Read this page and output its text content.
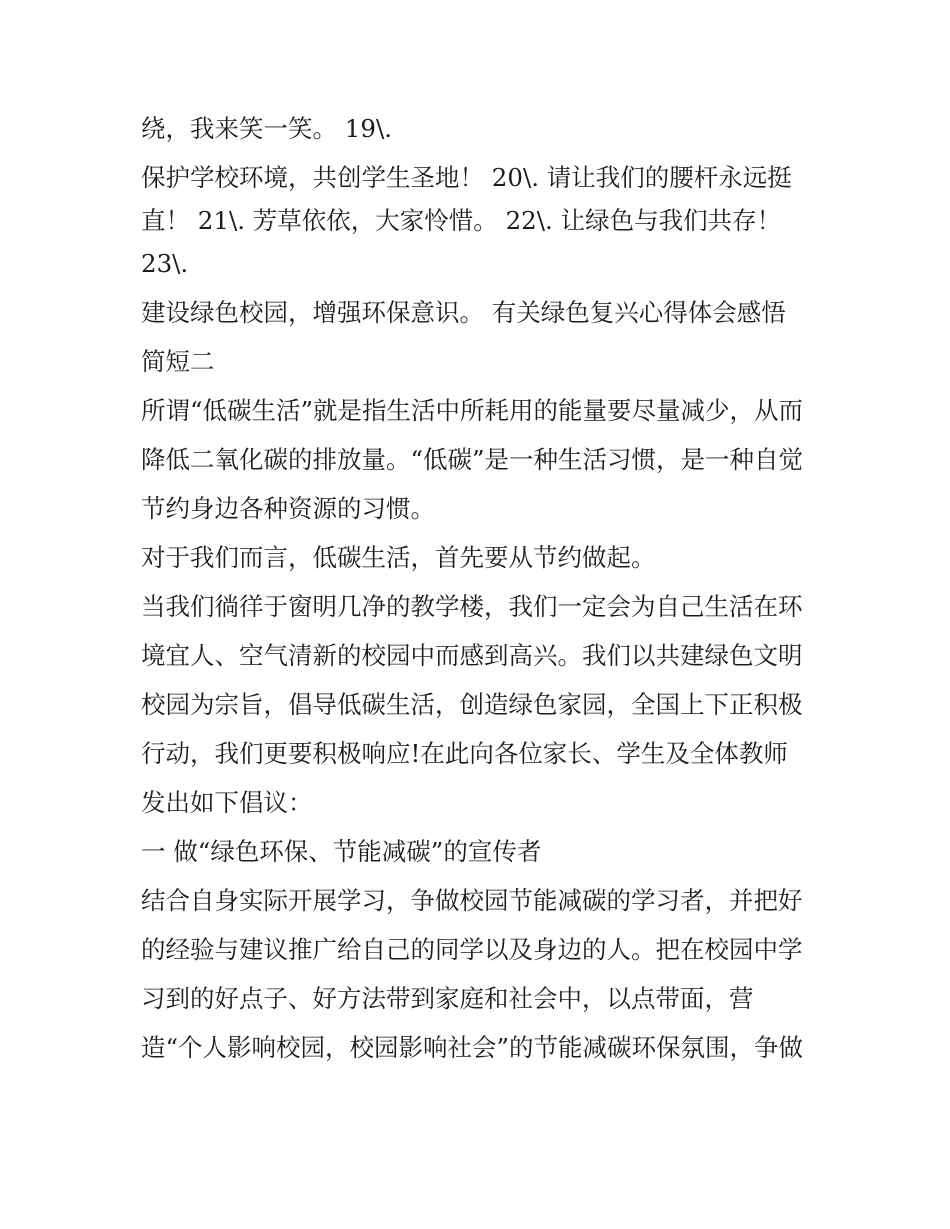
绕，我来笑一笑。 19\.
保护学校环境，共创学生圣地！ 20\. 请让我们的腰杆永远挺
直！ 21\. 芳草依依，大家怜惜。 22\. 让绿色与我们共存！
23\.
建设绿色校园，增强环保意识。 有关绿色复兴心得体会感悟
简短二
所谓“低碳生活”就是指生活中所耗用的能量要尽量减少，从而
降低二氧化碳的排放量。“低碳”是一种生活习惯，是一种自觉
节约身边各种资源的习惯。
对于我们而言，低碳生活，首先要从节约做起。
当我们徜徉于窗明几净的教学楼，我们一定会为自己生活在环
境宜人、空气清新的校园中而感到高兴。我们以共建绿色文明
校园为宗旨，倡导低碳生活，创造绿色家园，全国上下正积极
行动，我们更要积极响应!在此向各位家长、学生及全体教师
发出如下倡议：
一 做“绿色环保、节能减碳”的宣传者
结合自身实际开展学习，争做校园节能减碳的学习者，并把好
的经验与建议推广给自己的同学以及身边的人。把在校园中学
习到的好点子、好方法带到家庭和社会中，以点带面，营
造“个人影响校园，校园影响社会”的节能减碳环保氛围，争做
